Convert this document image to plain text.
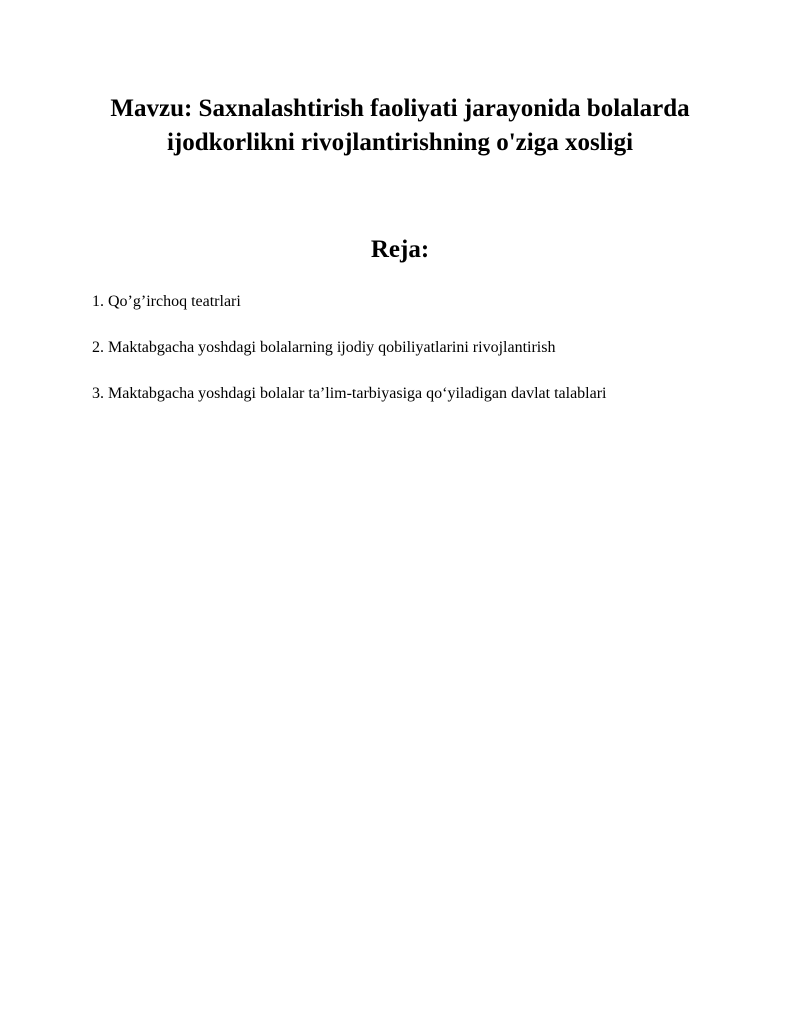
Mavzu: Saxnalashtirish faoliyati jarayonida bolalarda
ijodkorlikni rivojlantirishning o'ziga xosligi
Reja:
1. Qo’g’irchoq teatrlari
2. Maktabgacha yoshdagi bolalarning ijodiy qobiliyatlarini rivojlantirish
3. Maktabgacha yoshdagi bolalar ta’lim-tarbiyasiga qo‘yiladigan davlat talablari
